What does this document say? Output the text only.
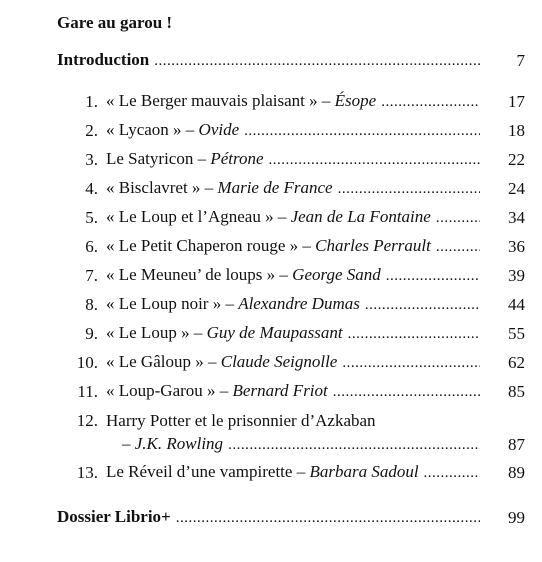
Gare au garou !
Introduction .....	7
1. « Le Berger mauvais plaisant » – Ésope .....	17
2. « Lycaon » – Ovide .....	18
3. Le Satyricon – Pétrone .....	22
4. « Bisclavret » – Marie de France .....	24
5. « Le Loup et l’Agneau » – Jean de La Fontaine .....	34
6. « Le Petit Chaperon rouge » – Charles Perrault .....	36
7. « Le Meuneu’ de loups » – George Sand .....	39
8. « Le Loup noir » – Alexandre Dumas .....	44
9. « Le Loup » – Guy de Maupassant .....	55
10. « Le Gâloup » – Claude Seignolle .....	62
11. « Loup-Garou » – Bernard Friot .....	85
12. Harry Potter et le prisonnier d’Azkaban
– J.K. Rowling .....	87
13. Le Réveil d’une vampirette – Barbara Sadoul .....	89
Dossier Librio+ .....	99
